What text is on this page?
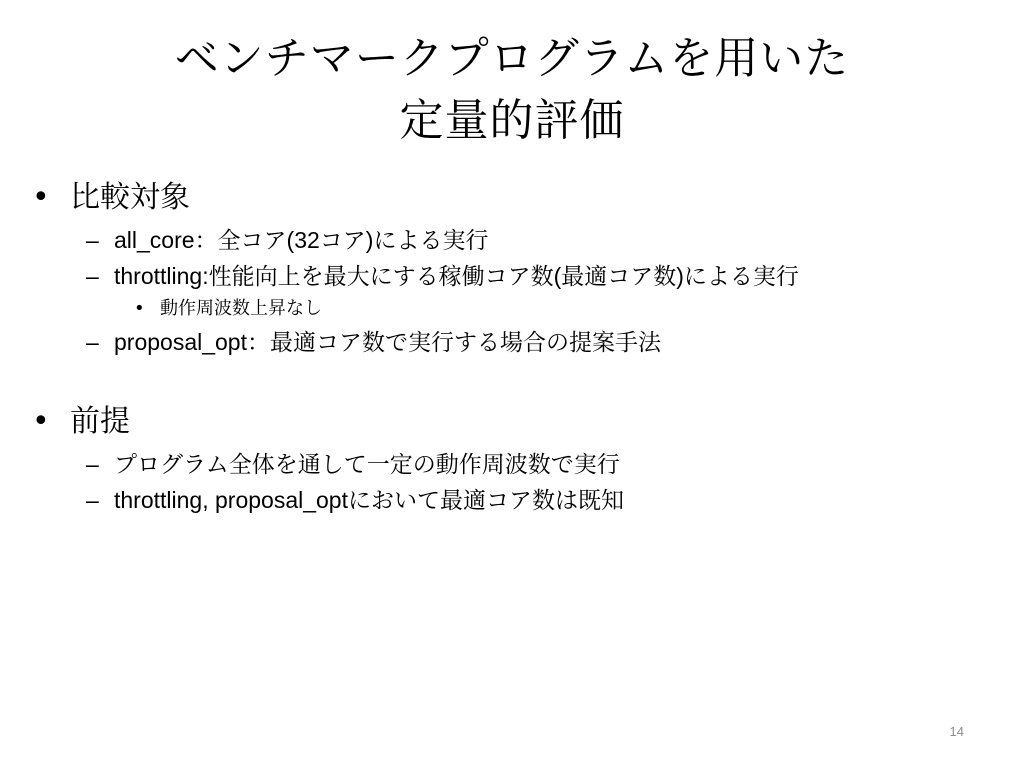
ベンチマークプログラムを用いた
定量的評価
• 比較対象
– all_core：全コア(32コア)による実行
– throttling:性能向上を最大にする稼働コア数(最適コア数)による実行
• 動作周波数上昇なし
– proposal_opt：最適コア数で実行する場合の提案手法
• 前提
– プログラム全体を通して一定の動作周波数で実行
– throttling, proposal_optにおいて最適コア数は既知
14
